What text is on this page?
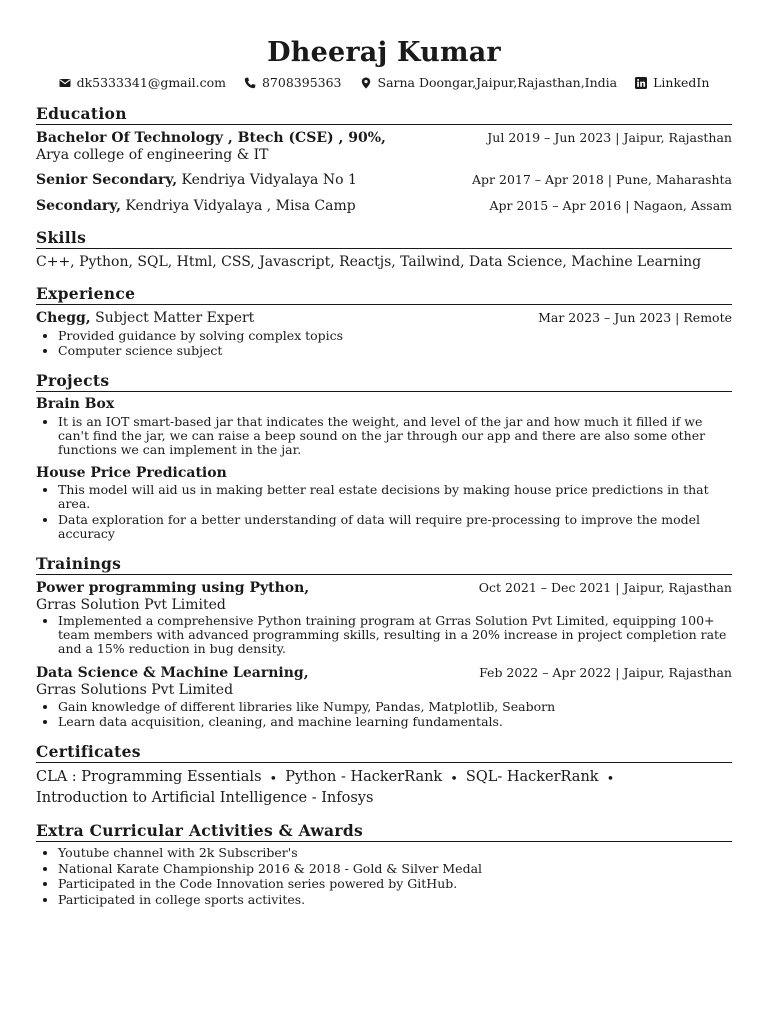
Dheeraj Kumar
dk5333341@gmail.com	8708395363	Sarna Doongar,Jaipur,Rajasthan,India	LinkedIn
Education
Bachelor Of Technology , Btech (CSE) , 90%,	Jul 2019 – Jun 2023 | Jaipur, Rajasthan
Arya college of engineering & IT
Senior Secondary, Kendriya Vidyalaya No 1	Apr 2017 – Apr 2018 | Pune, Maharashta
Secondary, Kendriya Vidyalaya , Misa Camp	Apr 2015 – Apr 2016 | Nagaon, Assam
Skills
C++, Python, SQL, Html, CSS, Javascript, Reactjs, Tailwind, Data Science, Machine Learning
Experience
Chegg, Subject Matter Expert	Mar 2023 – Jun 2023 | Remote
• Provided guidance by solving complex topics
• Computer science subject
Projects
Brain Box
• It is an IOT smart-based jar that indicates the weight, and level of the jar and how much it filled if we can't find the jar, we can raise a beep sound on the jar through our app and there are also some other functions we can implement in the jar.
House Price Predication
• This model will aid us in making better real estate decisions by making house price predictions in that area.
• Data exploration for a better understanding of data will require pre-processing to improve the model accuracy
Trainings
Power programming using Python,	Oct 2021 – Dec 2021 | Jaipur, Rajasthan
Grras Solution Pvt Limited
• Implemented a comprehensive Python training program at Grras Solution Pvt Limited, equipping 100+ team members with advanced programming skills, resulting in a 20% increase in project completion rate and a 15% reduction in bug density.
Data Science & Machine Learning,	Feb 2022 – Apr 2022 | Jaipur, Rajasthan
Grras Solutions Pvt Limited
• Gain knowledge of different libraries like Numpy, Pandas, Matplotlib, Seaborn
• Learn data acquisition, cleaning, and machine learning fundamentals.
Certificates
CLA : Programming Essentials • Python - HackerRank • SQL- HackerRank •
Introduction to Artificial Intelligence - Infosys
Extra Curricular Activities & Awards
• Youtube channel with 2k Subscriber's
• National Karate Championship 2016 & 2018 - Gold & Silver Medal
• Participated in the Code Innovation series powered by GitHub.
• Participated in college sports activites.
